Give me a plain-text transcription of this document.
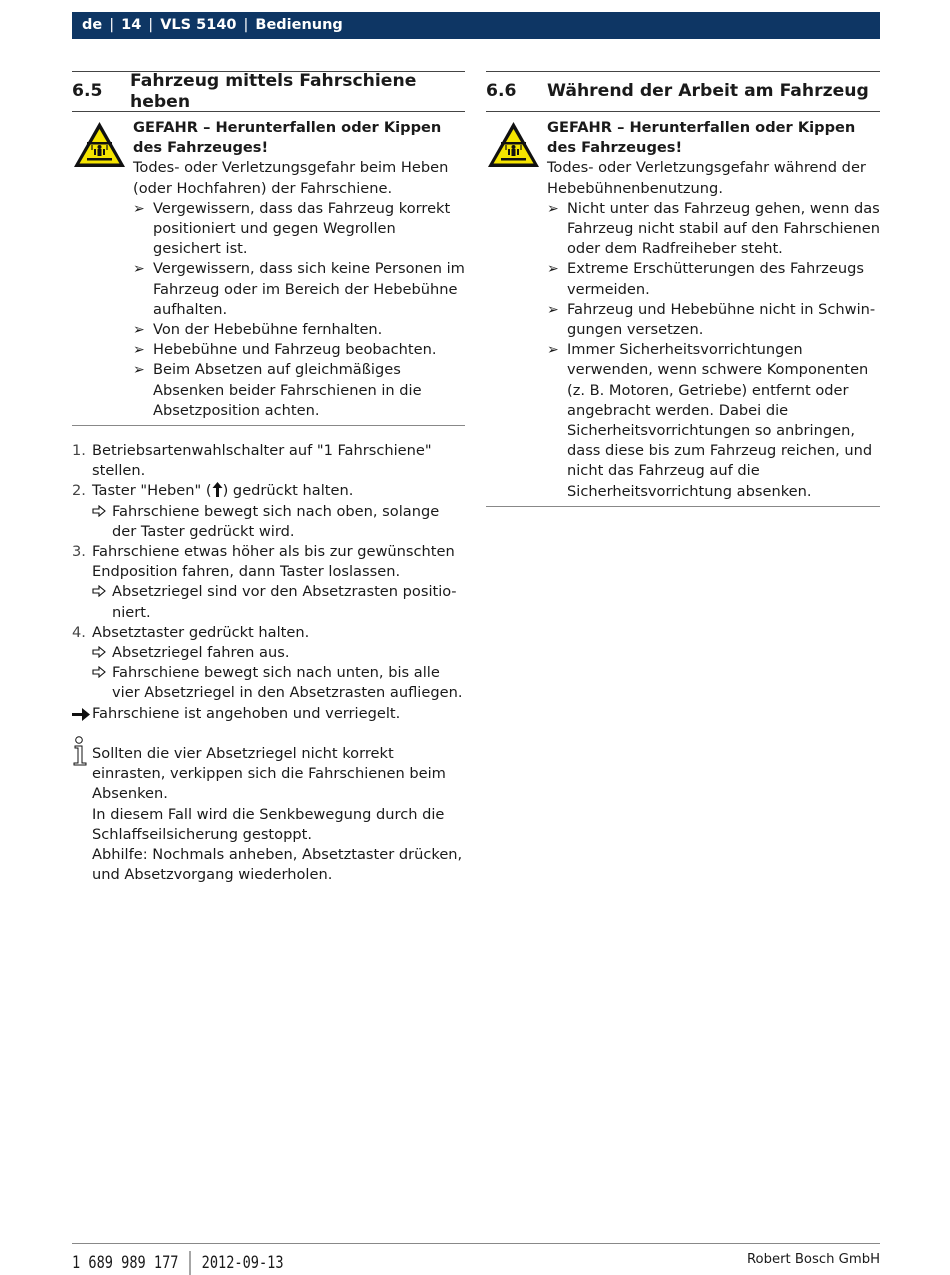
de | 14 | VLS 5140 | Bedienung
6.5
Fahrzeug mittels Fahrschiene heben
GEFAHR – Herunterfallen oder Kippen des Fahrzeuges!
Todes- oder Verletzungsgefahr beim Heben (oder Hochfahren) der Fahrschiene.
➢ Vergewissern, dass das Fahrzeug korrekt positioniert und gegen Wegrollen gesichert ist.
➢ Vergewissern, dass sich keine Personen im Fahrzeug oder im Bereich der Hebebühne aufhalten.
➢ Von der Hebebühne fernhalten.
➢ Hebebühne und Fahrzeug beobachten.
➢ Beim Absetzen auf gleichmäßiges Absenken beider Fahrschienen in die Absetzposition achten.
1. Betriebsartenwahlschalter auf "1 Fahrschiene" stellen.
2. Taster "Heben" ( ) gedrückt halten.
Fahrschiene bewegt sich nach oben, solange der Taster gedrückt wird.
3. Fahrschiene etwas höher als bis zur gewünschten Endposition fahren, dann Taster loslassen.
Absetzriegel sind vor den Absetzrasten positioniert.
4. Absetztaster gedrückt halten.
Absetzriegel fahren aus.
Fahrschiene bewegt sich nach unten, bis alle vier Absetzriegel in den Absetzrasten aufliegen.
Fahrschiene ist angehoben und verriegelt.
Sollten die vier Absetzriegel nicht korrekt einrasten, verkippen sich die Fahrschienen beim Absenken.
In diesem Fall wird die Senkbewegung durch die Schlaffseilsicherung gestoppt.
Abhilfe: Nochmals anheben, Absetztaster drücken, und Absetzvorgang wiederholen.
6.6	Während der Arbeit am Fahrzeug
GEFAHR – Herunterfallen oder Kippen des Fahrzeuges!
Todes- oder Verletzungsgefahr während der Hebebühnenbenutzung.
➢ Nicht unter das Fahrzeug gehen, wenn das Fahrzeug nicht stabil auf den Fahrschienen oder dem Radfreiheber steht.
➢ Extreme Erschütterungen des Fahrzeugs vermeiden.
➢ Fahrzeug und Hebebühne nicht in Schwingungen versetzen.
➢ Immer Sicherheitsvorrichtungen verwenden, wenn schwere Komponenten (z. B. Motoren, Getriebe) entfernt oder angebracht werden. Dabei die Sicherheitsvorrichtungen so anbringen, dass diese bis zum Fahrzeug reichen, und nicht das Fahrzeug auf die Sicherheitsvorrichtung absenken.
1 689 989 177 2012-09-13	Robert Bosch GmbH
